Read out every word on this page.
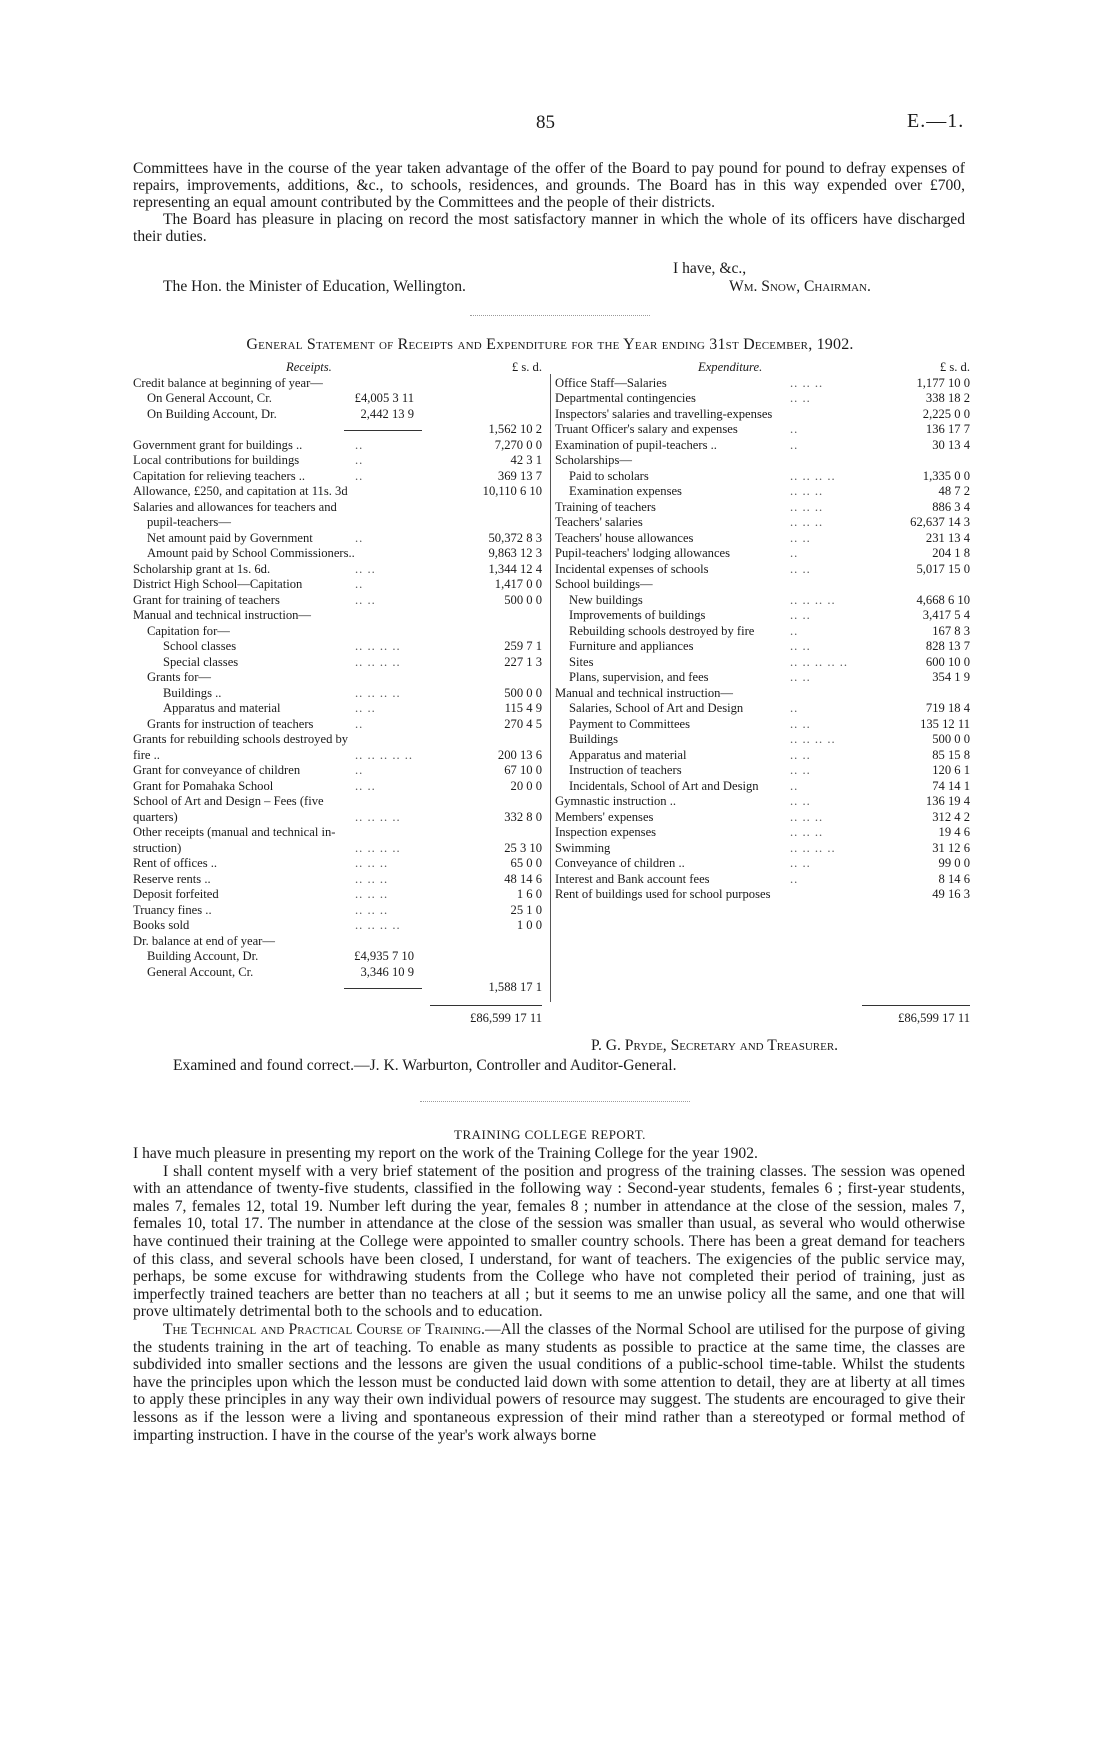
85	E.—1.

Committees have in the course of the year taken advantage of the offer of the Board to pay pound for pound to defray expenses of repairs, improvements, additions, &c., to schools, residences, and grounds. The Board has in this way expended over £700, representing an equal amount contributed by the Committees and the people of their districts.

The Board has pleasure in placing on record the most satisfactory manner in which the whole of its officers have discharged their duties.

I have, &c.,
The Hon. the Minister of Education, Wellington.	Wm. Snow, Chairman.
General Statement of Receipts and Expenditure for the Year ending 31st December, 1902.
Receipts.	£ s. d.
Credit balance at beginning of year—
On General Account, Cr.	£4,005 3 11
On Building Account, Dr.	2,442 13 9
1,562 10 2
Government grant for buildings ..	..	7,270 0 0
Local contributions for buildings	..	42 3 1
Capitation for relieving teachers ..	..	369 13 7
Allowance, £250, and capitation at 11s. 3d	10,110 6 10
Salaries and allowances for teachers and
pupil-teachers—
Net amount paid by Government	..	50,372 8 3
Amount paid by School Commissioners..	9,863 12 3
Scholarship grant at 1s. 6d.	.. ..	1,344 12 4
District High School—Capitation	..	1,417 0 0
Grant for training of teachers	.. ..	500 0 0
Manual and technical instruction—
Capitation for—
School classes	.. .. .. ..	259 7 1
Special classes	.. .. .. ..	227 1 3
Grants for—
Buildings ..	.. .. .. ..	500 0 0
Apparatus and material	.. ..	115 4 9
Grants for instruction of teachers	..	270 4 5
Grants for rebuilding schools destroyed by
fire ..	.. .. .. .. ..	200 13 6
Grant for conveyance of children	..	67 10 0
Grant for Pomahaka School	.. ..	20 0 0
School of Art and Design – Fees (five
quarters)	.. .. .. ..	332 8 0
Other receipts (manual and technical in-
struction)	.. .. .. ..	25 3 10
Rent of offices ..	.. .. ..	65 0 0
Reserve rents ..	.. .. ..	48 14 6
Deposit forfeited	.. .. ..	1 6 0
Truancy fines ..	.. .. ..	25 1 0
Books sold	.. .. .. ..	1 0 0
Dr. balance at end of year—
Building Account, Dr.	£4,935 7 10
General Account, Cr.	3,346 10 9
1,588 17 1
Expenditure.	£ s. d.
Office Staff—Salaries	.. .. ..	1,177 10 0
Departmental contingencies	.. ..	338 18 2
Inspectors' salaries and travelling-expenses	2,225 0 0
Truant Officer's salary and expenses	..	136 17 7
Examination of pupil-teachers ..	..	30 13 4
Scholarships—
Paid to scholars	.. .. .. ..	1,335 0 0
Examination expenses	.. .. ..	48 7 2
Training of teachers	.. .. ..	886 3 4
Teachers' salaries	.. .. ..	62,637 14 3
Teachers' house allowances	.. ..	231 13 4
Pupil-teachers' lodging allowances	..	204 1 8
Incidental expenses of schools	.. ..	5,017 15 0
School buildings—
New buildings	.. .. .. ..	4,668 6 10
Improvements of buildings	.. ..	3,417 5 4
Rebuilding schools destroyed by fire	..	167 8 3
Furniture and appliances	.. ..	828 13 7
Sites	.. .. .. .. ..	600 10 0
Plans, supervision, and fees	.. ..	354 1 9
Manual and technical instruction—
Salaries, School of Art and Design	..	719 18 4
Payment to Committees	.. ..	135 12 11
Buildings	.. .. .. ..	500 0 0
Apparatus and material	.. ..	85 15 8
Instruction of teachers	.. ..	120 6 1
Incidentals, School of Art and Design ..	74 14 1
Gymnastic instruction ..	.. ..	136 19 4
Members' expenses	.. .. ..	312 4 2
Inspection expenses	.. .. ..	19 4 6
Swimming	.. .. .. ..	31 12 6
Conveyance of children ..	.. ..	99 0 0
Interest and Bank account fees	..	8 14 6
Rent of buildings used for school purposes	49 16 3
£86,599 17 11	£86,599 17 11
P. G. Pryde, Secretary and Treasurer.
Examined and found correct.—J. K. Warburton, Controller and Auditor-General.
TRAINING COLLEGE REPORT.

I have much pleasure in presenting my report on the work of the Training College for the year 1902.

I shall content myself with a very brief statement of the position and progress of the training classes. The session was opened with an attendance of twenty-five students, classified in the following way : Second-year students, females 6 ; first-year students, males 7, females 12, total 19. Number left during the year, females 8 ; number in attendance at the close of the session, males 7, females 10, total 17. The number in attendance at the close of the session was smaller than usual, as several who would otherwise have continued their training at the College were appointed to smaller country schools. There has been a great demand for teachers of this class, and several schools have been closed, I understand, for want of teachers. The exigencies of the public service may, perhaps, be some excuse for withdrawing students from the College who have not completed their period of training, just as imperfectly trained teachers are better than no teachers at all ; but it seems to me an unwise policy all the same, and one that will prove ultimately detrimental both to the schools and to education.

The Technical and Practical Course of Training.—All the classes of the Normal School are utilised for the purpose of giving the students training in the art of teaching. To enable as many students as possible to practice at the same time, the classes are subdivided into smaller sections and the lessons are given the usual conditions of a public-school time-table. Whilst the students have the principles upon which the lesson must be conducted laid down with some attention to detail, they are at liberty at all times to apply these principles in any way their own individual powers of resource may suggest. The students are encouraged to give their lessons as if the lesson were a living and spontaneous expression of their mind rather than a stereotyped or formal method of imparting instruction. I have in the course of the year's work always borne
